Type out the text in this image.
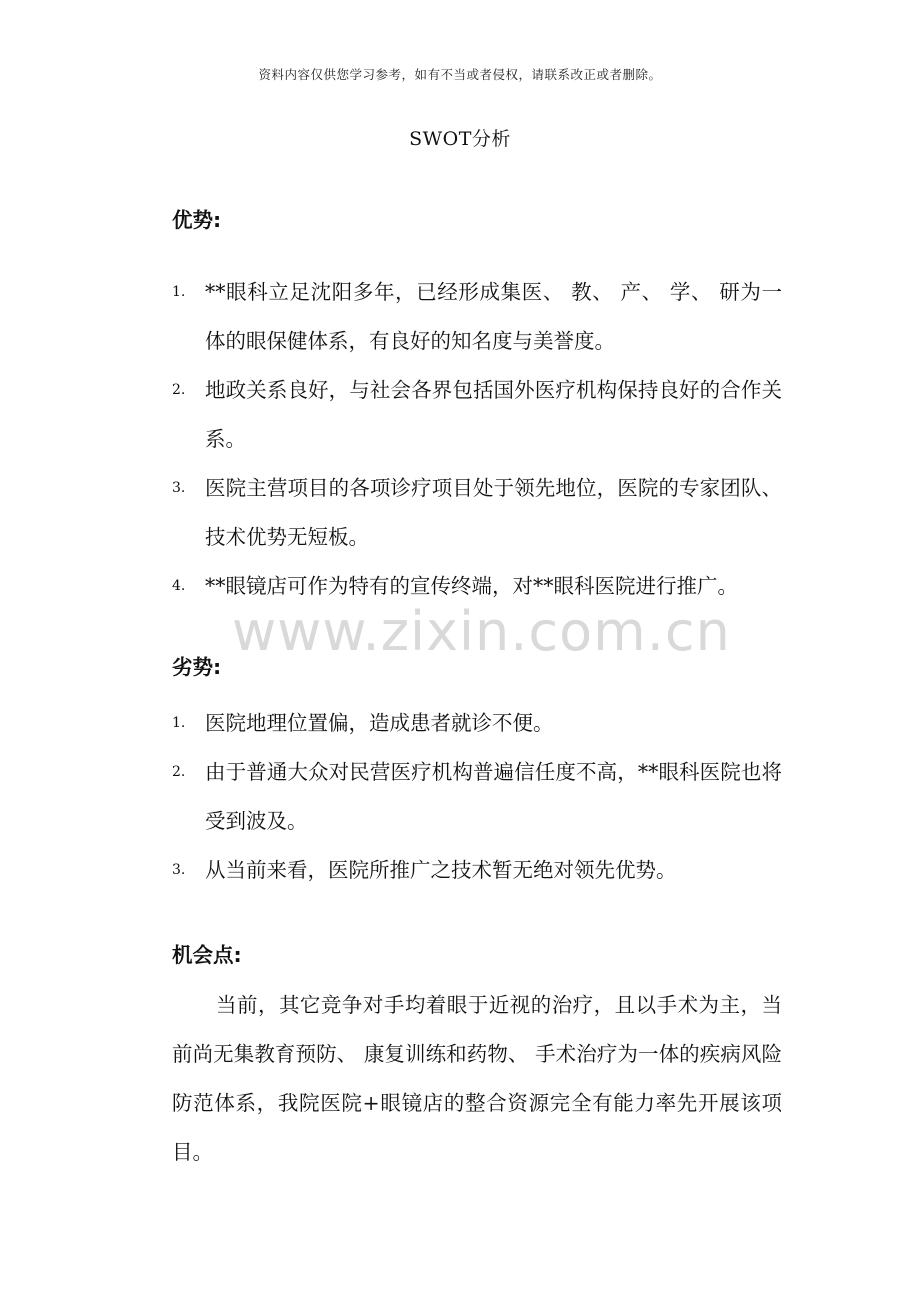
资料内容仅供您学习参考，如有不当或者侵权，请联系改正或者删除。
SWOT分析
www.zixin.com.cn
优势:
1. **眼科立足沈阳多年，已经形成集医、 教、 产、 学、 研为一体的眼保健体系，有良好的知名度与美誉度。
2. 地政关系良好，与社会各界包括国外医疗机构保持良好的合作关系。
3. 医院主营项目的各项诊疗项目处于领先地位，医院的专家团队、 技术优势无短板。
4. **眼镜店可作为特有的宣传终端，对**眼科医院进行推广。
劣势:
1. 医院地理位置偏，造成患者就诊不便。
2. 由于普通大众对民营医疗机构普遍信任度不高，**眼科医院也将受到波及。
3. 从当前来看，医院所推广之技术暂无绝对领先优势。
机会点:
当前，其它竞争对手均着眼于近视的治疗，且以手术为主，当前尚无集教育预防、 康复训练和药物、 手术治疗为一体的疾病风险防范体系，我院医院+眼镜店的整合资源完全有能力率先开展该项目。
